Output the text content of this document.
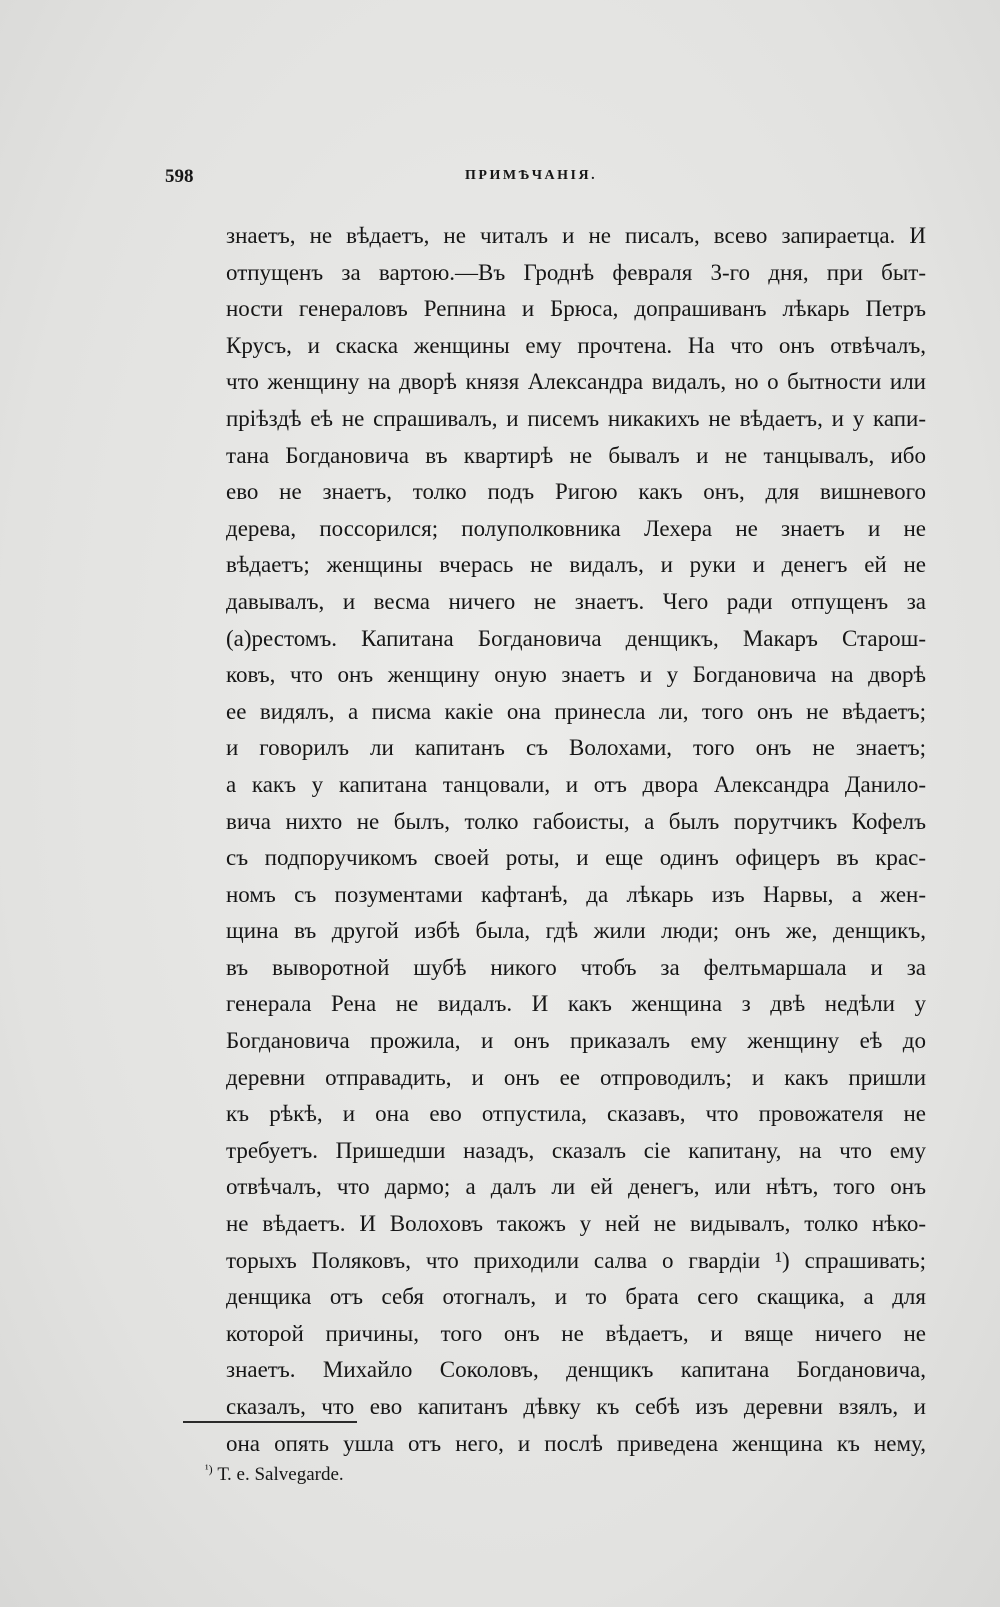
598	ПРИМѢЧАНІЯ.
знаетъ, не вѣдаетъ, не читалъ и не писалъ, всево запираетца. И
отпущенъ за вартою.—Въ Гроднѣ февраля 3-го дня, при быт-
ности генераловъ Репнина и Брюса, допрашиванъ лѣкарь Петръ
Крусъ, и скаска женщины ему прочтена. На что онъ отвѣчалъ,
что женщину на дворѣ князя Александра видалъ, но о бытности или
пріѣздѣ еѣ не спрашивалъ, и писемъ никакихъ не вѣдаетъ, и у капи-
тана Богдановича въ квартирѣ не бывалъ и не танцывалъ, ибо
ево не знаетъ, толко подъ Ригою какъ онъ, для вишневого
дерева, поссорился; полуполковника Лехера не знаетъ и не
вѣдаетъ; женщины вчерась не видалъ, и руки и денегъ ей не
давывалъ, и весма ничего не знаетъ. Чего ради отпущенъ за
(а)рестомъ. Капитана Богдановича денщикъ, Макаръ Старош-
ковъ, что онъ женщину оную знаетъ и у Богдановича на дворѣ
ее видялъ, а писма какіе она принесла ли, того онъ не вѣдаетъ;
и говорилъ ли капитанъ съ Волохами, того онъ не знаетъ;
а какъ у капитана танцовали, и отъ двора Александра Данило-
вича нихто не былъ, толко габоисты, а былъ порутчикъ Кофелъ
съ подпоручикомъ своей роты, и еще одинъ офицеръ въ крас-
номъ съ позументами кафтанѣ, да лѣкарь изъ Нарвы, а жен-
щина въ другой избѣ была, гдѣ жили люди; онъ же, денщикъ,
въ выворотной шубѣ никого чтобъ за фелтьмаршала и за
генерала Рена не видалъ. И какъ женщина з двѣ недѣли у
Богдановича прожила, и онъ приказалъ ему женщину еѣ до
деревни отправадить, и онъ ее отпроводилъ; и какъ пришли
къ рѣкѣ, и она ево отпустила, сказавъ, что провожателя не
требуетъ. Пришедши назадъ, сказалъ сіе капитану, на что ему
отвѣчалъ, что дармо; а далъ ли ей денегъ, или нѣтъ, того онъ
не вѣдаетъ. И Волоховъ такожъ у ней не видывалъ, толко нѣко-
торыхъ Поляковъ, что приходили салва о гвардіи ¹) спрашивать;
денщика отъ себя отогналъ, и то брата сего скащика, а для
которой причины, того онъ не вѣдаетъ, и вяще ничего не
знаетъ. Михайло Соколовъ, денщикъ капитана Богдановича,
сказалъ, что ево капитанъ дѣвку къ себѣ изъ деревни взялъ, и
она опять ушла отъ него, и послѣ приведена женщина къ нему,
$^{^1)}$ Т. е. Salvegarde.
